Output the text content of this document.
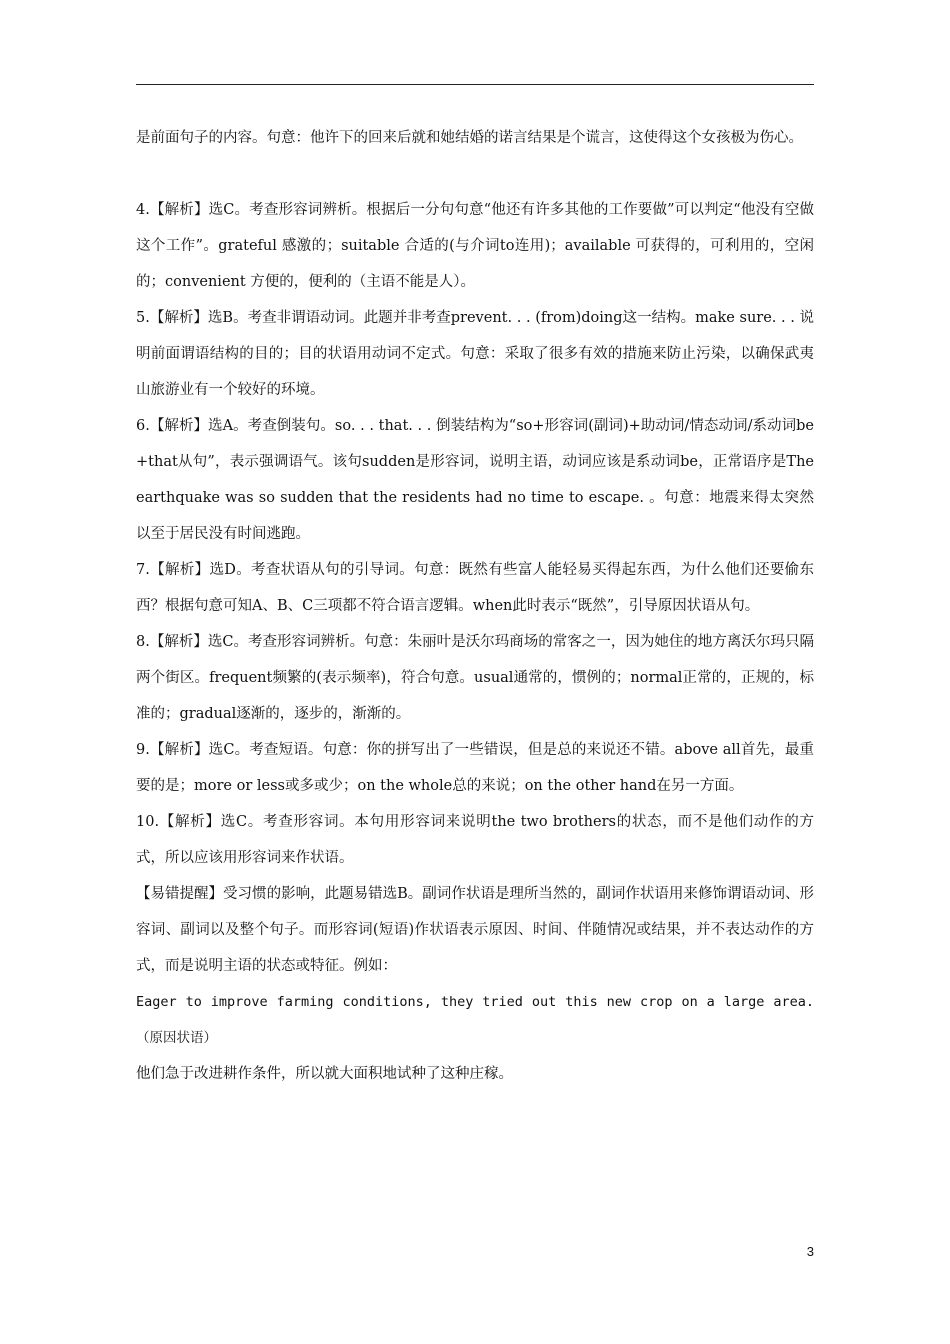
是前面句子的内容。句意：他许下的回来后就和她结婚的诺言结果是个谎言，这使得这个女孩极为伤心。

4.【解析】选C。考查形容词辨析。根据后一分句句意“他还有许多其他的工作要做”可以判定“他没有空做这个工作”。grateful 感激的；suitable 合适的(与介词to连用)；available 可获得的，可利用的，空闲的；convenient 方便的，便利的（主语不能是人）。

5.【解析】选B。考查非谓语动词。此题并非考查prevent. . . (from)doing这一结构。make sure. . . 说明前面谓语结构的目的；目的状语用动词不定式。句意：采取了很多有效的措施来防止污染，以确保武夷山旅游业有一个较好的环境。

6.【解析】选A。考查倒装句。so. . . that. . . 倒装结构为“so+形容词(副词)+助动词/情态动词/系动词be+that从句”，表示强调语气。该句sudden是形容词，说明主语，动词应该是系动词be，正常语序是The earthquake was so sudden that the residents had no time to escape. 。句意：地震来得太突然以至于居民没有时间逃跑。

7.【解析】选D。考查状语从句的引导词。句意：既然有些富人能轻易买得起东西，为什么他们还要偷东西？根据句意可知A、B、C三项都不符合语言逻辑。when此时表示“既然”，引导原因状语从句。

8.【解析】选C。考查形容词辨析。句意：朱丽叶是沃尔玛商场的常客之一，因为她住的地方离沃尔玛只隔两个街区。frequent频繁的(表示频率)，符合句意。usual通常的，惯例的；normal正常的，正规的，标准的；gradual逐渐的，逐步的，渐渐的。

9.【解析】选C。考查短语。句意：你的拼写出了一些错误，但是总的来说还不错。above all首先，最重要的是；more or less或多或少；on the whole总的来说；on the other hand在另一方面。

10.【解析】选C。考查形容词。本句用形容词来说明the two brothers的状态，而不是他们动作的方式，所以应该用形容词来作状语。

【易错提醒】受习惯的影响，此题易错选B。副词作状语是理所当然的，副词作状语用来修饰谓语动词、形容词、副词以及整个句子。而形容词(短语)作状语表示原因、时间、伴随情况或结果，并不表达动作的方式，而是说明主语的状态或特征。例如：

Eager to improve farming conditions, they tried out this new crop on a large area. （原因状语）

他们急于改进耕作条件，所以就大面积地试种了这种庄稼。

3
